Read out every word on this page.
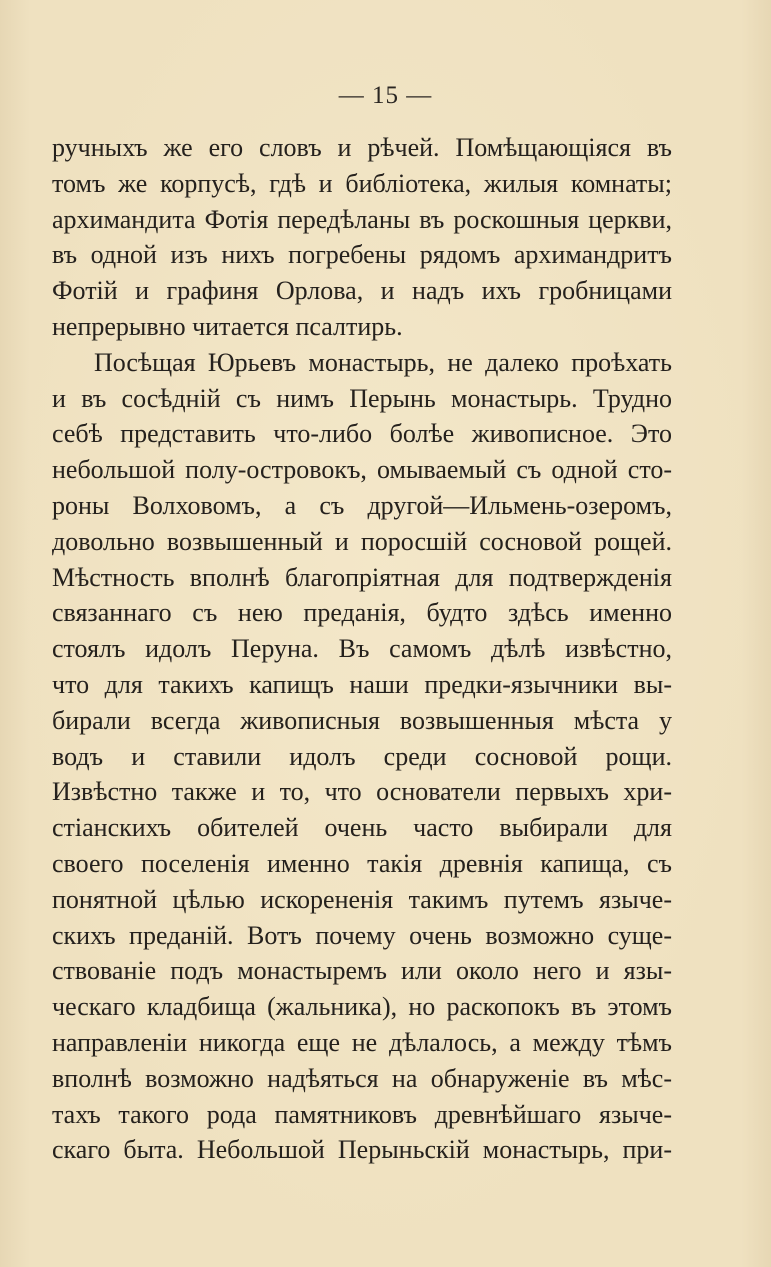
— 15 —
ручныхъ же его словъ и рѣчей. Помѣщающіяся въ
томъ же корпусѣ, гдѣ и библіотека, жилыя комнаты;
архимандита Фотія передѣланы въ роскошныя церкви,
въ одной изъ нихъ погребены рядомъ архимандритъ
Фотій и графиня Орлова, и надъ ихъ гробницами
непрерывно читается псалтирь.
Посѣщая Юрьевъ монастырь, не далеко проѣхать
и въ сосѣдній съ нимъ Перынь монастырь. Трудно
себѣ представить что-либо болѣе живописное. Это
небольшой полу-островокъ, омываемый съ одной сто-
роны Волховомъ, а съ другой—Ильмень-озеромъ,
довольно возвышенный и поросшій сосновой рощей.
Мѣстность вполнѣ благопріятная для подтвержденія
связаннаго съ нею преданія, будто здѣсь именно
стоялъ идолъ Перуна. Въ самомъ дѣлѣ извѣстно,
что для такихъ капищъ наши предки-язычники вы-
бирали всегда живописныя возвышенныя мѣста у
водъ и ставили идолъ среди сосновой рощи.
Извѣстно также и то, что основатели первыхъ хри-
стіанскихъ обителей очень часто выбирали для
своего поселенія именно такія древнія капища, съ
понятной цѣлью искорененія такимъ путемъ языче-
скихъ преданій. Вотъ почему очень возможно суще-
ствованіе подъ монастыремъ или около него и язы-
ческаго кладбища (жальника), но раскопокъ въ этомъ
направленіи никогда еще не дѣлалось, а между тѣмъ
вполнѣ возможно надѣяться на обнаруженіе въ мѣс-
тахъ такого рода памятниковъ древнѣйшаго языче-
скаго быта. Небольшой Перыньскій монастырь, при-
